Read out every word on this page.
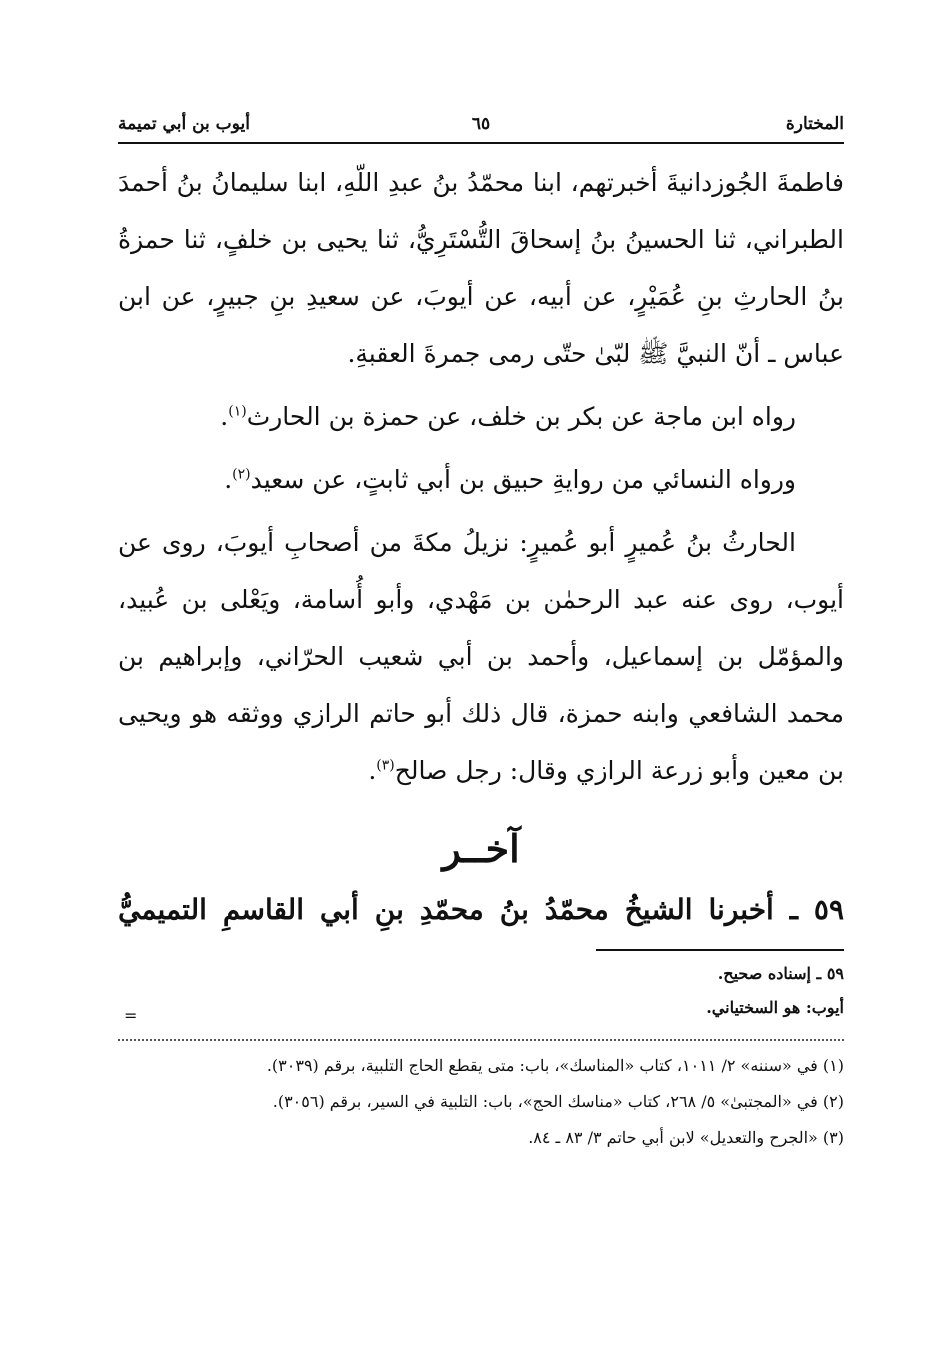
المختارة
٦٥
أيوب بن أبي تميمة

فاطمةَ الجُوزدانيةَ أخبرتهم، ابنا محمّدُ بنُ عبدِ اللّهِ، ابنا سليمانُ بنُ أحمدَ الطبراني، ثنا الحسينُ بنُ إسحاقَ التُّسْتَرِيُّ، ثنا يحيى بن خلفٍ، ثنا حمزةُ بنُ الحارثِ بنِ عُمَيْرٍ، عن أبيه، عن أيوبَ، عن سعيدِ بنِ جبيرٍ، عن ابن عباس ـ أنّ النبيَّ ﷺ لبّىٰ حتّى رمى جمرةَ العقبةِ.

رواه ابن ماجة عن بكر بن خلف، عن حمزة بن الحارث$^{(١)}$.

ورواه النسائي من روايةِ حبيق بن أبي ثابتٍ، عن سعيد$^{(٢)}$.

الحارثُ بنُ عُميرٍ أبو عُميرٍ: نزيلُ مكةَ من أصحابِ أيوبَ، روى عن أيوب، روى عنه عبد الرحمٰن بن مَهْدي، وأبو أُسامة، ويَعْلى بن عُبيد، والمؤمّل بن إسماعيل، وأحمد بن أبي شعيب الحرّاني، وإبراهيم بن محمد الشافعي وابنه حمزة، قال ذلك أبو حاتم الرازي ووثقه هو ويحيى بن معين وأبو زرعة الرازي وقال: رجل صالح$^{(٣)}$.

آخــر
٥٩ ـ أخبرنا الشيخُ محمّدُ بنُ محمّدِ بنِ أبي القاسمِ التميميُّ
٥٩ ـ إسناده صحيح.
أيوب: هو السختياني.
=

(١) في «سننه» ٢/ ١٠١١، كتاب «المناسك»، باب: متى يقطع الحاج التلبية، برقم (٣٠٣٩).

(٢) في «المجتبىٰ» ٥/ ٢٦٨، كتاب «مناسك الحج»، باب: التلبية في السير، برقم (٣٠٥٦).

(٣) «الجرح والتعديل» لابن أبي حاتم ٣/ ٨٣ ـ ٨٤.
